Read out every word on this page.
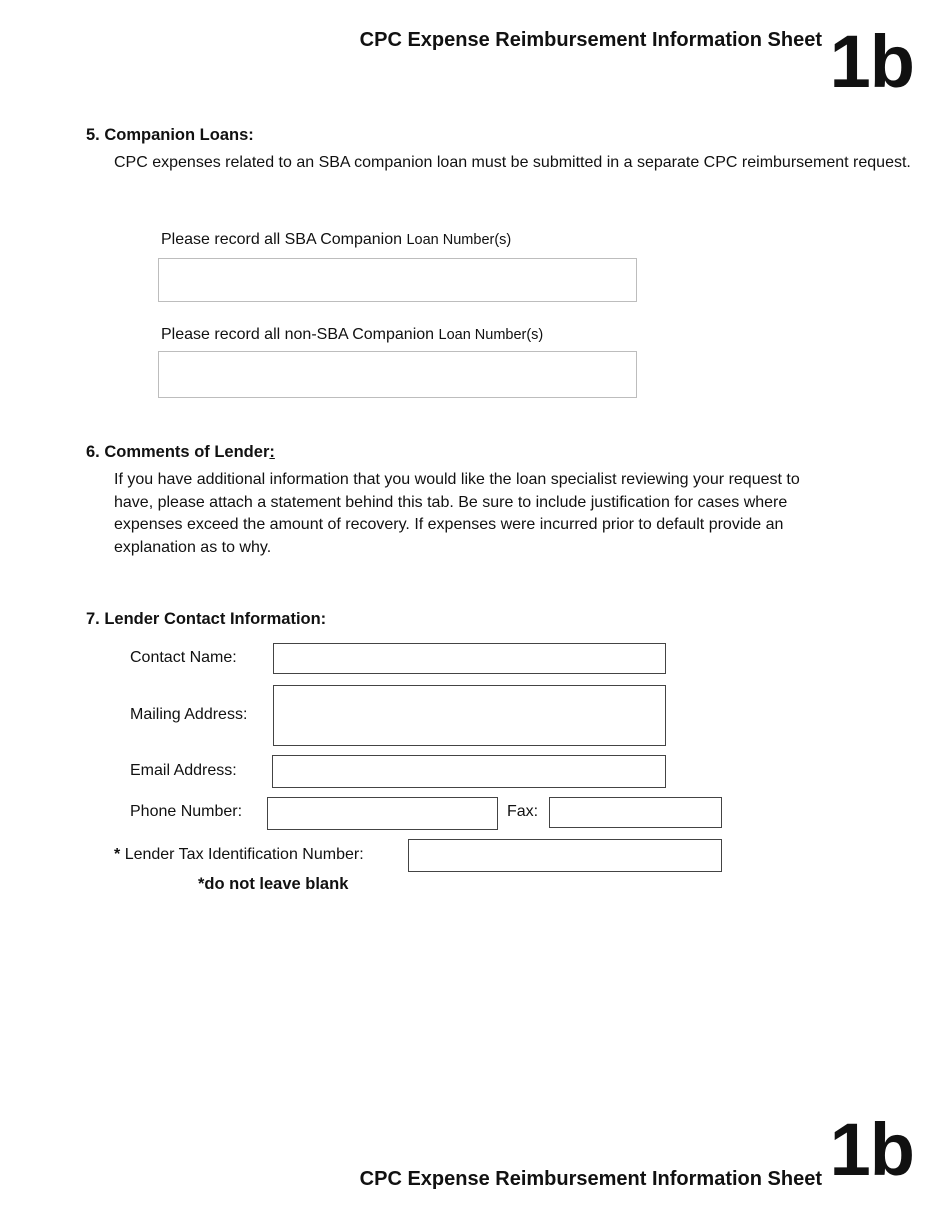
CPC Expense Reimbursement Information Sheet 1b
5. Companion Loans:
CPC expenses related to an SBA companion loan must be submitted in a separate CPC reimbursement request.
Please record all SBA Companion Loan Number(s)
Please record all non-SBA Companion Loan Number(s)
6. Comments of Lender:
If you have additional information that you would like the loan specialist reviewing your request to have, please attach a statement behind this tab. Be sure to include justification for cases where expenses exceed the amount of recovery. If expenses were incurred prior to default provide an explanation as to why.
7. Lender Contact Information:
Contact Name:
Mailing Address:
Email Address:
Phone Number:	Fax:
* Lender Tax Identification Number:
*do not leave blank
CPC Expense Reimbursement Information Sheet 1b
